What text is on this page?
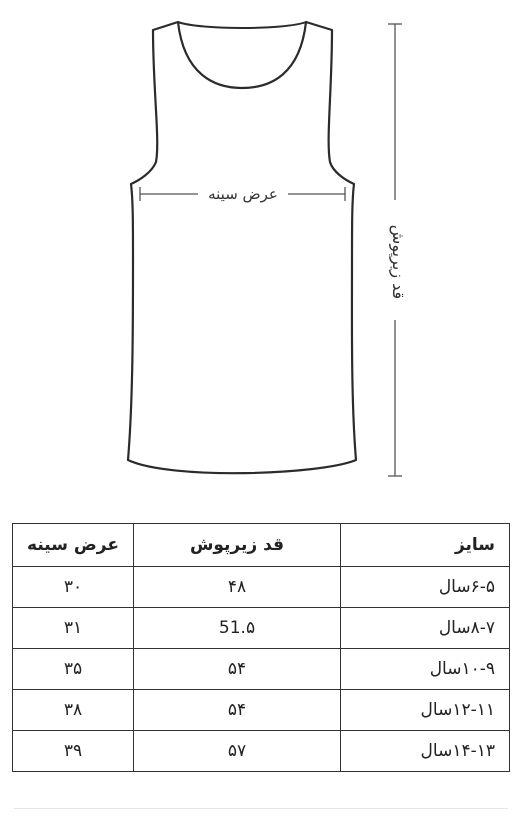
عرض سینه
قد زیرپوش
سایز	قد زیرپوش	عرض سینه
۶-۵سال	۴۸	۳۰
۸-۷سال	51.۵	۳۱
۱۰-۹سال	۵۴	۳۵
۱۲-۱۱سال	۵۴	۳۸
۱۴-۱۳سال	۵۷	۳۹
